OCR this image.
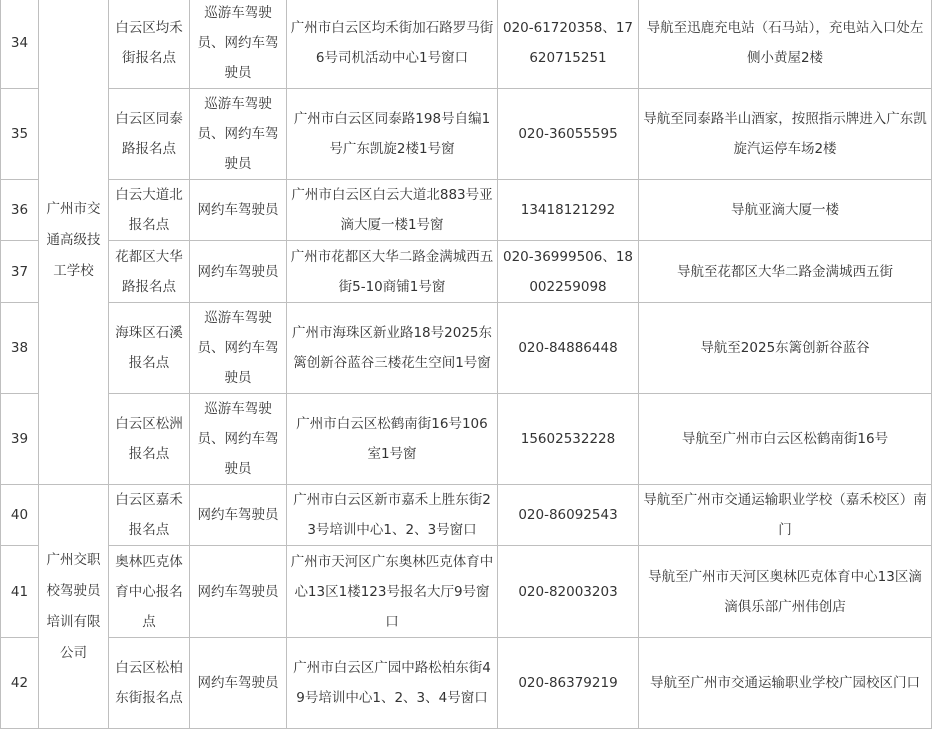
34	广州市交通高级技工学校	白云区均禾街报名点	巡游车驾驶员、网约车驾驶员	广州市白云区均禾街加石路罗马街6号司机活动中心1号窗口	020-61720358、17620715251	导航至迅鹿充电站（石马站），充电站入口处左侧小黄屋2楼
35		白云区同泰路报名点	巡游车驾驶员、网约车驾驶员	广州市白云区同泰路198号自编1号广东凯旋2楼1号窗	020-36055595	导航至同泰路半山酒家，按照指示牌进入广东凯旋汽运停车场2楼
36		白云大道北报名点	网约车驾驶员	广州市白云区白云大道北883号亚滴大厦一楼1号窗	13418121292	导航亚滴大厦一楼
37		花都区大华路报名点	网约车驾驶员	广州市花都区大华二路金满城西五街5-10商铺1号窗	020-36999506、18002259098	导航至花都区大华二路金满城西五街
38		海珠区石溪报名点	巡游车驾驶员、网约车驾驶员	广州市海珠区新业路18号2025东篱创新谷蓝谷三楼花生空间1号窗	020-84886448	导航至2025东篱创新谷蓝谷
39		白云区松洲报名点	巡游车驾驶员、网约车驾驶员	广州市白云区松鹤南街16号106室1号窗	15602532228	导航至广州市白云区松鹤南街16号
40	广州交职校驾驶员培训有限公司	白云区嘉禾报名点	网约车驾驶员	广州市白云区新市嘉禾上胜东街23号培训中心1、2、3号窗口	020-86092543	导航至广州市交通运输职业学校（嘉禾校区）南门
41		奥林匹克体育中心报名点	网约车驾驶员	广州市天河区广东奥林匹克体育中心13区1楼123号报名大厅9号窗口	020-82003203	导航至广州市天河区奥林匹克体育中心13区滴滴俱乐部广州伟创店
42		白云区松柏东街报名点	网约车驾驶员	广州市白云区广园中路松柏东街49号培训中心1、2、3、4号窗口	020-86379219	导航至广州市交通运输职业学校广园校区门口
